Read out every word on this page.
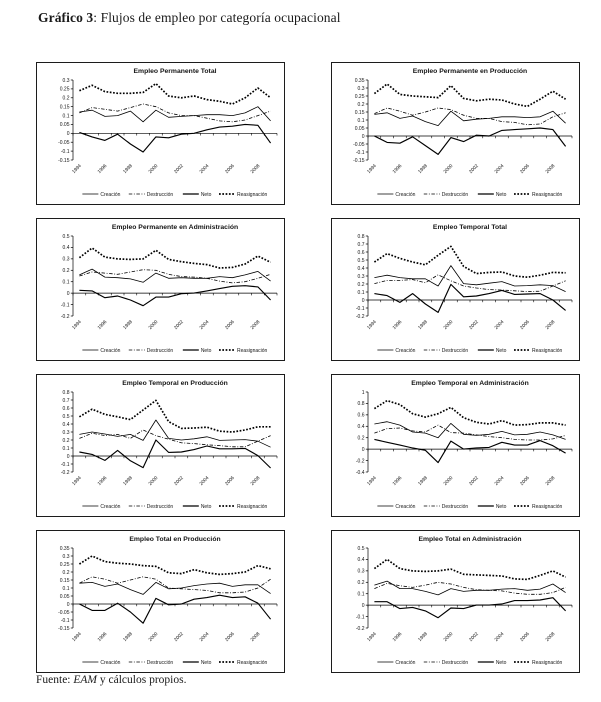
Gráfico 3: Flujos de empleo por categoría ocupacional
Empleo Permanente Total
0.3
0.25
0.2
0.15
0.1
0.05
0
-0.05
-0.1
-0.15
1994	1996	1998	2000	2002	2004	2006	2008
Creación	Destrucción	Neto	Reasignación
Empleo Permanente en Producción
0.35
0.3
0.25
0.2
0.15
0.1
0.05
0
-0.05
-0.1
-0.15
1994	1996	1998	2000	2002	2004	2006	2008
Creación	Destrucción	Neto	Reasignación
Empleo Permanente en Administración
0.5
0.4
0.3
0.2
0.1
0
-0.1
-0.2
1994	1996	1998	2000	2002	2004	2006	2008
Creación	Destrucción	Neto	Reasignación
Empleo Temporal Total
0.8
0.7
0.6
0.5
0.4
0.3
0.2
0.1
0
-0.1
-0.2
1994	1996	1998	2000	2002	2004	2006	2008
Creación	Destrucción	Neto	Reasignación
Empleo Temporal en Producción
0.8
0.7
0.6
0.5
0.4
0.3
0.2
0.1
0
-0.1
-0.2
1994	1996	1998	2000	2002	2004	2006	2008
Creación	Destrucción	Neto	Reasignación
Empleo Temporal en Administración
1
0.8
0.6
0.4
0.2
0
-0.2
-0.4
1994	1996	1998	2000	2002	2004	2006	2008
Creación	Destrucción	Neto	Reasignación
Empleo Total en Producción
0.35
0.3
0.25
0.2
0.15
0.1
0.05
0
-0.05
-0.1
-0.15
1994	1996	1998	2000	2002	2004	2006	2008
Creación	Destrucción	Neto	Reasignación
Empleo Total en Administración
0.5
0.4
0.3
0.2
0.1
0
-0.1
-0.2
1994	1996	1998	2000	2002	2004	2006	2008
Creación	Destrucción	Neto	Reasignación

Fuente: EAM y cálculos propios.
